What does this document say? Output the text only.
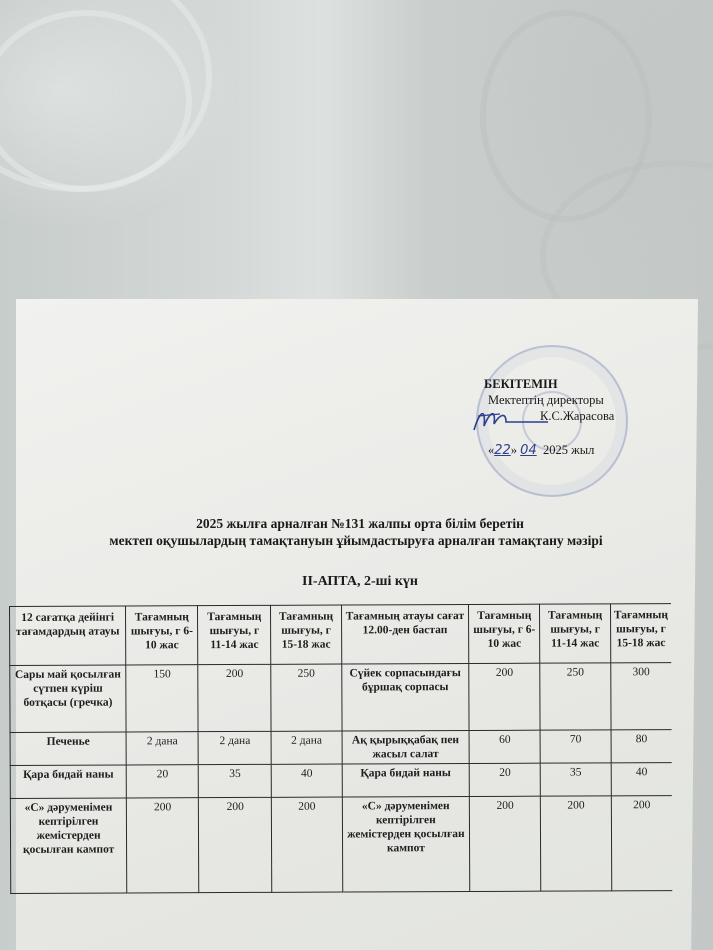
БЕКІТЕМІН
Мектептің директоры
К.С.Жарасова
«22» 04 2025 жыл
2025 жылға арналған №131 жалпы орта білім беретін
мектеп оқушылардың тамақтануын ұйымдастыруға арналған тамақтану мәзірі
ІІ-АПТА, 2-ші күн
12 сағатқа дейінгі тағамдардың атауы	Тағамның шығуы, г 6-10 жас	Тағамның шығуы, г 11-14 жас	Тағамның шығуы, г 15-18 жас	Тағамның атауы сағат 12.00-ден бастап	Тағамның шығуы, г 6-10 жас	Тағамның шығуы, г 11-14 жас	Тағамның шығуы, г 15-18 жас
Сары май қосылған сүтпен күріш ботқасы (гречка)	150	200	250	Сүйек сорпасындағы бұршақ сорпасы	200	250	300
Печенье	2 дана	2 дана	2 дана	Ақ қырыққабақ пен жасыл салат	60	70	80
Қара бидай наны	20	35	40	Қара бидай наны	20	35	40
«С» дәруменімен кептірілген жемістерден қосылған кампот	200	200	200	«С» дәруменімен кептірілген жемістерден қосылған кампот	200	200	200
